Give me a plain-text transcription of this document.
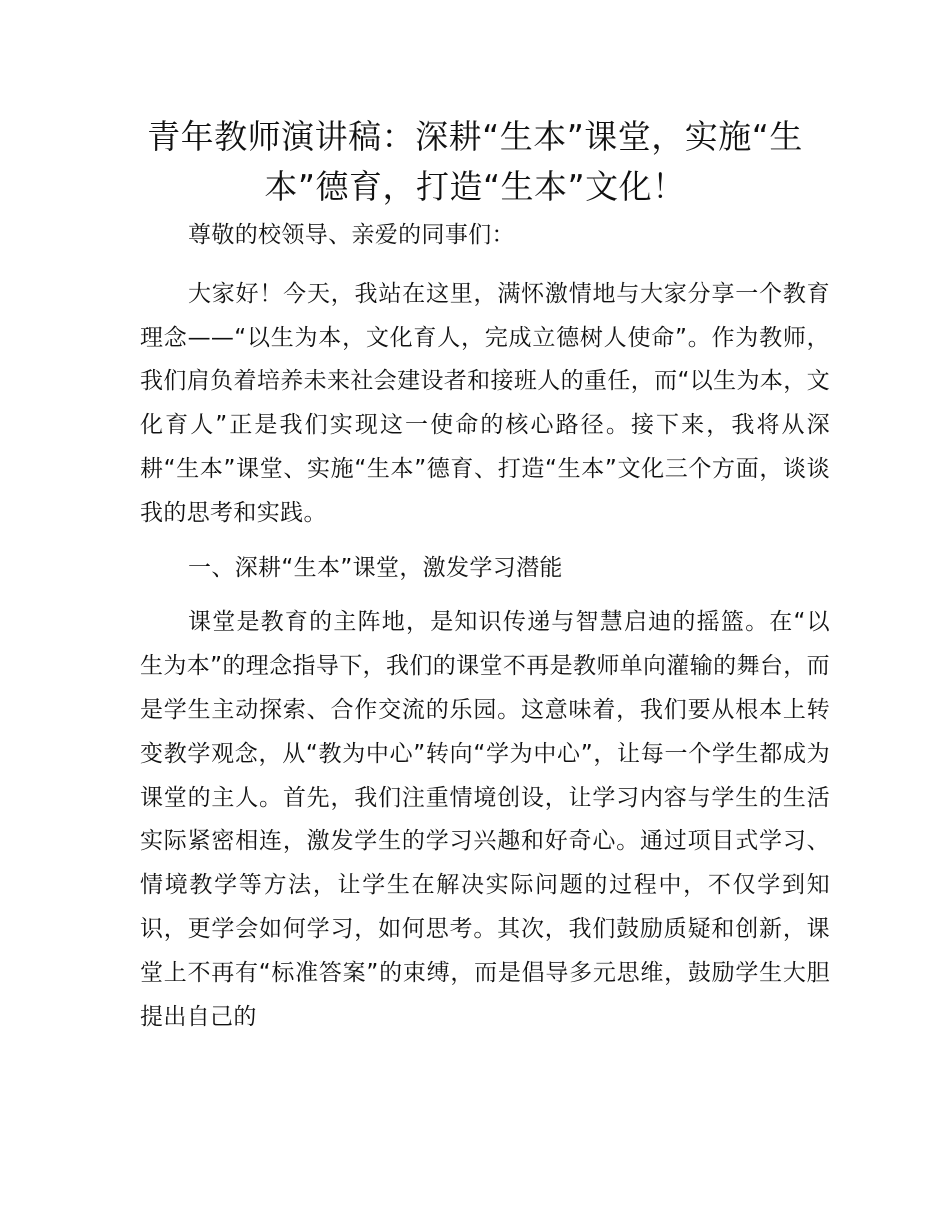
青年教师演讲稿：深耕“生本”课堂，实施“生本”德育，打造“生本”文化！

尊敬的校领导、亲爱的同事们：

大家好！今天，我站在这里，满怀激情地与大家分享一个教育理念——“以生为本，文化育人，完成立德树人使命”。作为教师，我们肩负着培养未来社会建设者和接班人的重任，而“以生为本，文化育人”正是我们实现这一使命的核心路径。接下来，我将从深耕“生本”课堂、实施“生本”德育、打造“生本”文化三个方面，谈谈我的思考和实践。

一、深耕“生本”课堂，激发学习潜能

课堂是教育的主阵地，是知识传递与智慧启迪的摇篮。在“以生为本”的理念指导下，我们的课堂不再是教师单向灌输的舞台，而是学生主动探索、合作交流的乐园。这意味着，我们要从根本上转变教学观念，从“教为中心”转向“学为中心”，让每一个学生都成为课堂的主人。首先，我们注重情境创设，让学习内容与学生的生活实际紧密相连，激发学生的学习兴趣和好奇心。通过项目式学习、情境教学等方法，让学生在解决实际问题的过程中，不仅学到知识，更学会如何学习，如何思考。其次，我们鼓励质疑和创新，课堂上不再有“标准答案”的束缚，而是倡导多元思维，鼓励学生大胆提出自己的
